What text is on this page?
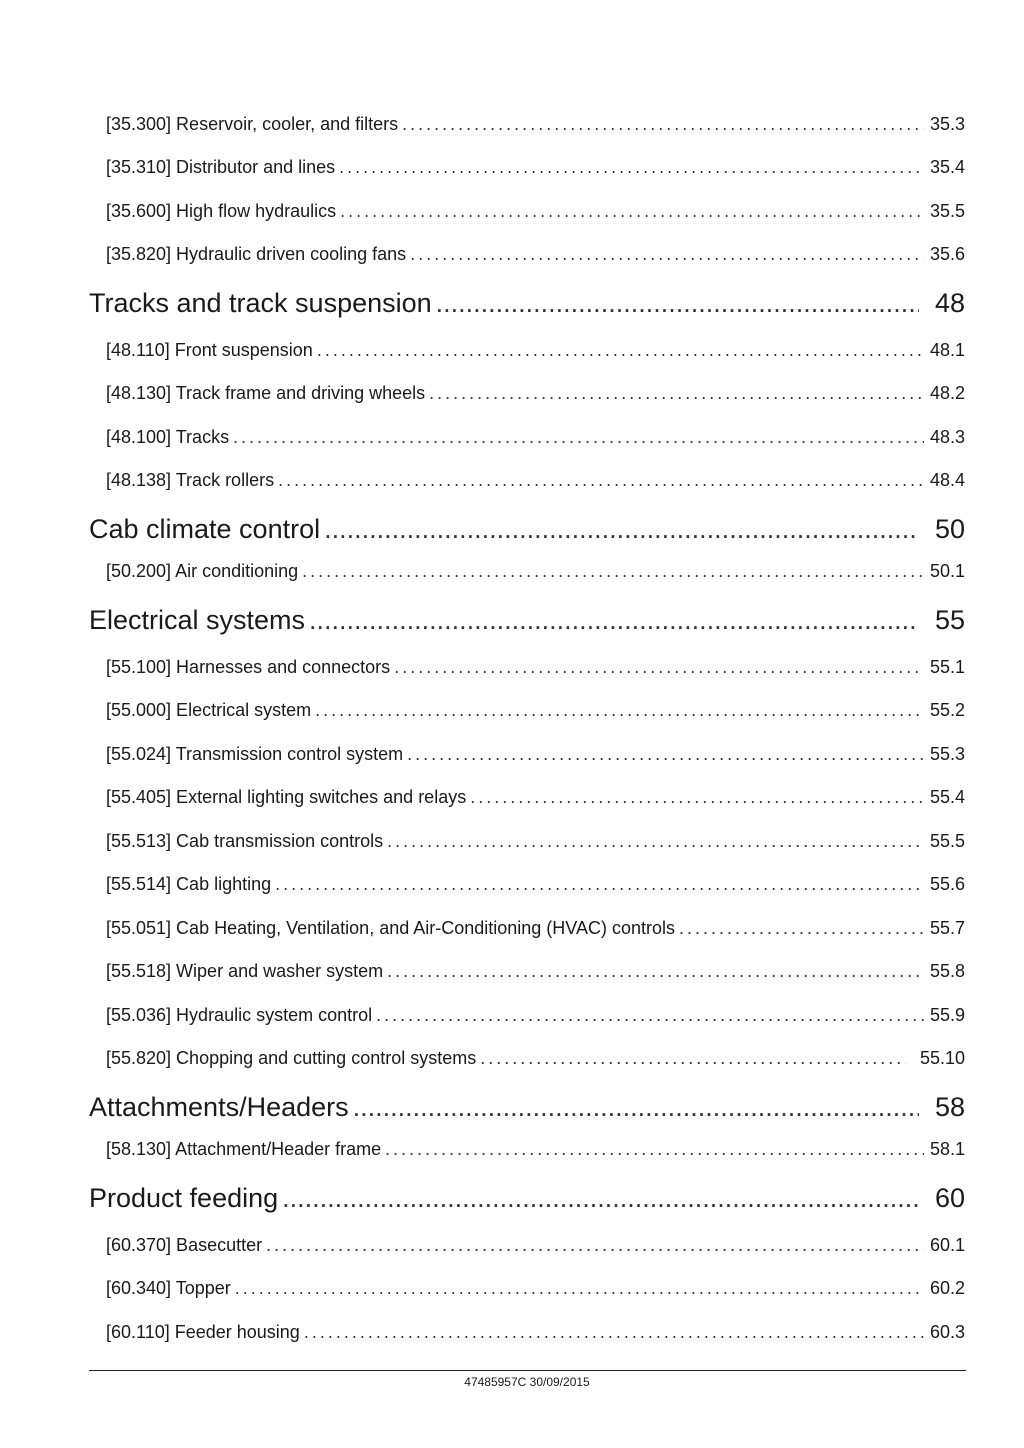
[35.300] Reservoir, cooler, and filters .....	35.3
[35.310] Distributor and lines .....	35.4
[35.600] High flow hydraulics .....	35.5
[35.820] Hydraulic driven cooling fans .....	35.6
Tracks and track suspension .....	48
[48.110] Front suspension .....	48.1
[48.130] Track frame and driving wheels .....	48.2
[48.100] Tracks .....	48.3
[48.138] Track rollers .....	48.4
Cab climate control .....	50
[50.200] Air conditioning .....	50.1
Electrical systems .....	55
[55.100] Harnesses and connectors .....	55.1
[55.000] Electrical system .....	55.2
[55.024] Transmission control system .....	55.3
[55.405] External lighting switches and relays .....	55.4
[55.513] Cab transmission controls .....	55.5
[55.514] Cab lighting .....	55.6
[55.051] Cab Heating, Ventilation, and Air-Conditioning (HVAC) controls .....	55.7
[55.518] Wiper and washer system .....	55.8
[55.036] Hydraulic system control .....	55.9
[55.820] Chopping and cutting control systems .....	55.10
Attachments/Headers .....	58
[58.130] Attachment/Header frame .....	58.1
Product feeding .....	60
[60.370] Basecutter .....	60.1
[60.340] Topper .....	60.2
[60.110] Feeder housing .....	60.3
47485957C 30/09/2015
